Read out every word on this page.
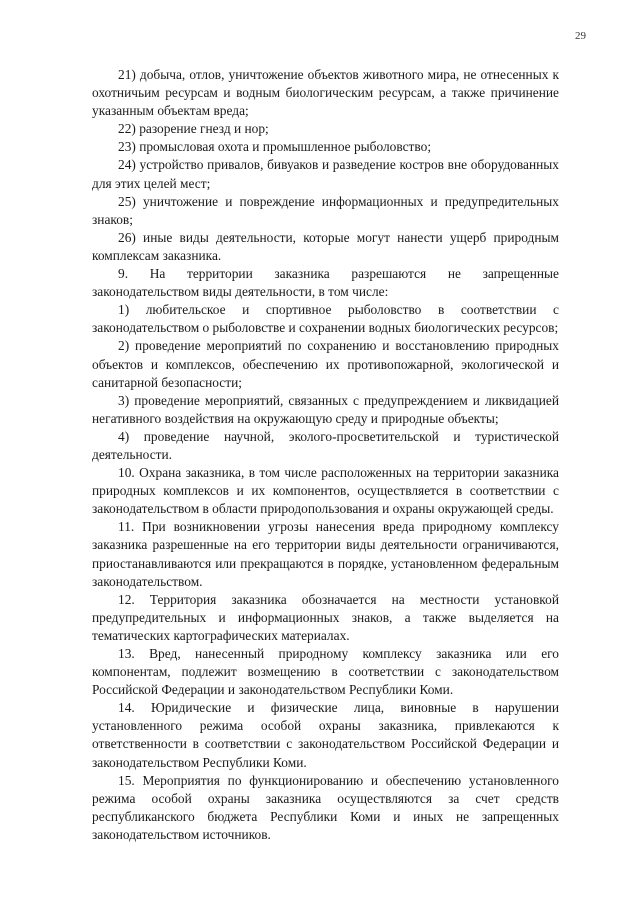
29

21) добыча, отлов, уничтожение объектов животного мира, не отнесенных к охотничьим ресурсам и водным биологическим ресурсам, а также причинение указанным объектам вреда;

22) разорение гнезд и нор;

23) промысловая охота и промышленное рыболовство;

24) устройство привалов, бивуаков и разведение костров вне оборудованных для этих целей мест;

25) уничтожение и повреждение информационных и предупредительных знаков;

26) иные виды деятельности, которые могут нанести ущерб природным комплексам заказника.

9. На территории заказника разрешаются не запрещенные законодательством виды деятельности, в том числе:

1) любительское и спортивное рыболовство в соответствии с законодательством о рыболовстве и сохранении водных биологических ресурсов;

2) проведение мероприятий по сохранению и восстановлению природных объектов и комплексов, обеспечению их противопожарной, экологической и санитарной безопасности;

3) проведение мероприятий, связанных с предупреждением и ликвидацией негативного воздействия на окружающую среду и природные объекты;

4) проведение научной, эколого-просветительской и туристической деятельности.

10. Охрана заказника, в том числе расположенных на территории заказника природных комплексов и их компонентов, осуществляется в соответствии с законодательством в области природопользования и охраны окружающей среды.

11. При возникновении угрозы нанесения вреда природному комплексу заказника разрешенные на его территории виды деятельности ограничиваются, приостанавливаются или прекращаются в порядке, установленном федеральным законодательством.

12. Территория заказника обозначается на местности установкой предупредительных и информационных знаков, а также выделяется на тематических картографических материалах.

13. Вред, нанесенный природному комплексу заказника или его компонентам, подлежит возмещению в соответствии с законодательством Российской Федерации и законодательством Республики Коми.

14. Юридические и физические лица, виновные в нарушении установленного режима особой охраны заказника, привлекаются к ответственности в соответствии с законодательством Российской Федерации и законодательством Республики Коми.

15. Мероприятия по функционированию и обеспечению установленного режима особой охраны заказника осуществляются за счет средств республиканского бюджета Республики Коми и иных не запрещенных законодательством источников.
